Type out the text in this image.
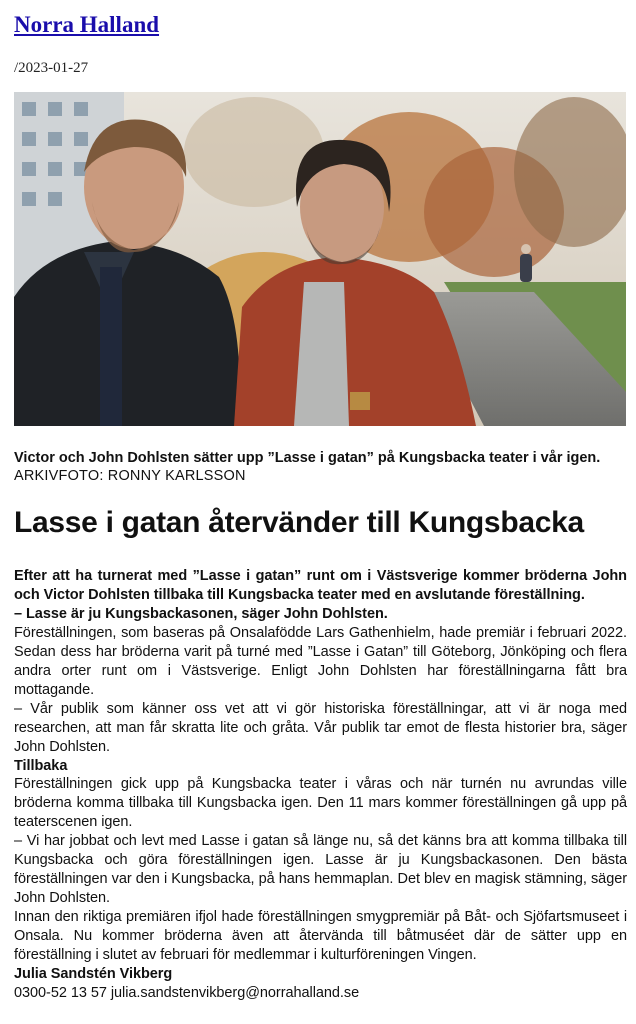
Norra Halland
/2023-01-27
Victor och John Dohlsten sätter upp ”Lasse i gatan” på Kungsbacka teater i vår igen.
ARKIVFOTO: RONNY KARLSSON
Lasse i gatan återvänder till Kungsbacka

Efter att ha turnerat med ”Lasse i gatan” runt om i Västsverige kommer bröderna John och Victor Dohlsten tillbaka till Kungsbacka teater med en avslutande föreställning.

– Lasse är ju Kungsbackasonen, säger John Dohlsten.

Föreställningen, som baseras på Onsalafödde Lars Gathenhielm, hade premiär i februari 2022. Sedan dess har bröderna varit på turné med ”Lasse i Gatan” till Göteborg, Jönköping och flera andra orter runt om i Västsverige. Enligt John Dohlsten har föreställningarna fått bra mottagande.

– Vår publik som känner oss vet att vi gör historiska föreställningar, att vi är noga med researchen, att man får skratta lite och gråta. Vår publik tar emot de flesta historier bra, säger John Dohlsten.

Tillbaka

Föreställningen gick upp på Kungsbacka teater i våras och när turnén nu avrundas ville bröderna komma tillbaka till Kungsbacka igen. Den 11 mars kommer föreställningen gå upp på teaterscenen igen.

– Vi har jobbat och levt med Lasse i gatan så länge nu, så det känns bra att komma tillbaka till Kungsbacka och göra föreställningen igen. Lasse är ju Kungsbackasonen. Den bästa föreställningen var den i Kungsbacka, på hans hemmaplan. Det blev en magisk stämning, säger John Dohlsten.

Innan den riktiga premiären ifjol hade föreställningen smygpremiär på Båt- och Sjöfartsmuseet i Onsala. Nu kommer bröderna även att återvända till båtmuséet där de sätter upp en föreställning i slutet av februari för medlemmar i kulturföreningen Vingen.

Julia Sandstén Vikberg

0300-52 13 57 julia.sandstenvikberg@norrahalland.se
